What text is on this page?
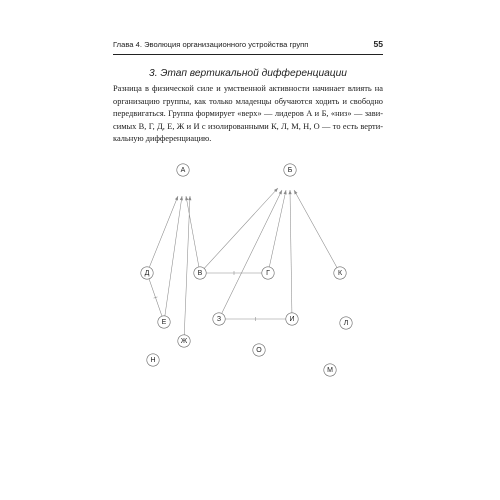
Глава 4. Эволюция организационного устройства групп	55
3. Этап вертикальной дифференциации
Разница в физической силе и умственной активности начинает влиять на
организацию группы, как только младенцы обучаются ходить и свободно
передвигаться. Группа формирует «верх» — лидеров А и Б, «низ» — зави-
симых В, Г, Д, Е, Ж и И с изолированными К, Л, М, Н, О — то есть верти-
кальную дифференциацию.
А	Б
В	Г
Д
Е
Ж
З	И
К
Л
М
Н
О
